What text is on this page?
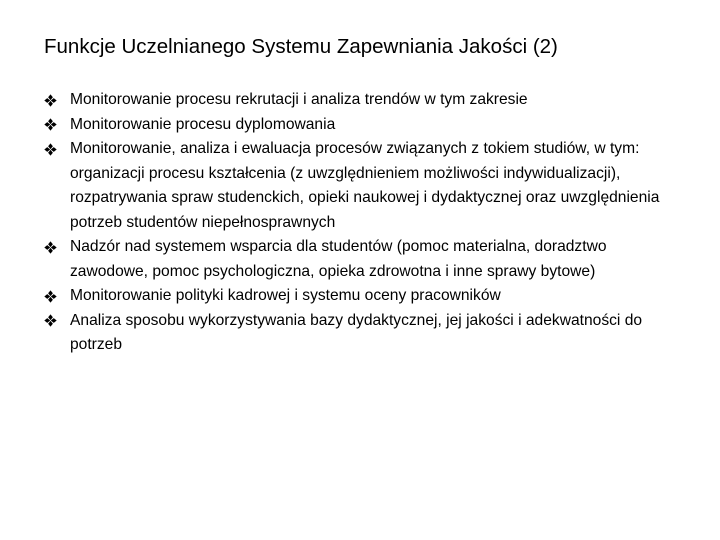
Funkcje Uczelnianego Systemu Zapewniania Jakości (2)
Monitorowanie procesu rekrutacji i analiza trendów w tym zakresie
Monitorowanie procesu dyplomowania
Monitorowanie, analiza i ewaluacja procesów związanych z tokiem studiów, w tym: organizacji procesu kształcenia (z uwzględnieniem możliwości indywidualizacji), rozpatrywania spraw studenckich, opieki naukowej i dydaktycznej oraz uwzględnienia potrzeb studentów niepełnosprawnych
Nadzór nad systemem wsparcia dla studentów (pomoc materialna, doradztwo zawodowe, pomoc psychologiczna, opieka zdrowotna i inne sprawy bytowe)
Monitorowanie polityki kadrowej i systemu oceny pracowników
Analiza sposobu wykorzystywania bazy dydaktycznej, jej jakości i adekwatności do potrzeb
